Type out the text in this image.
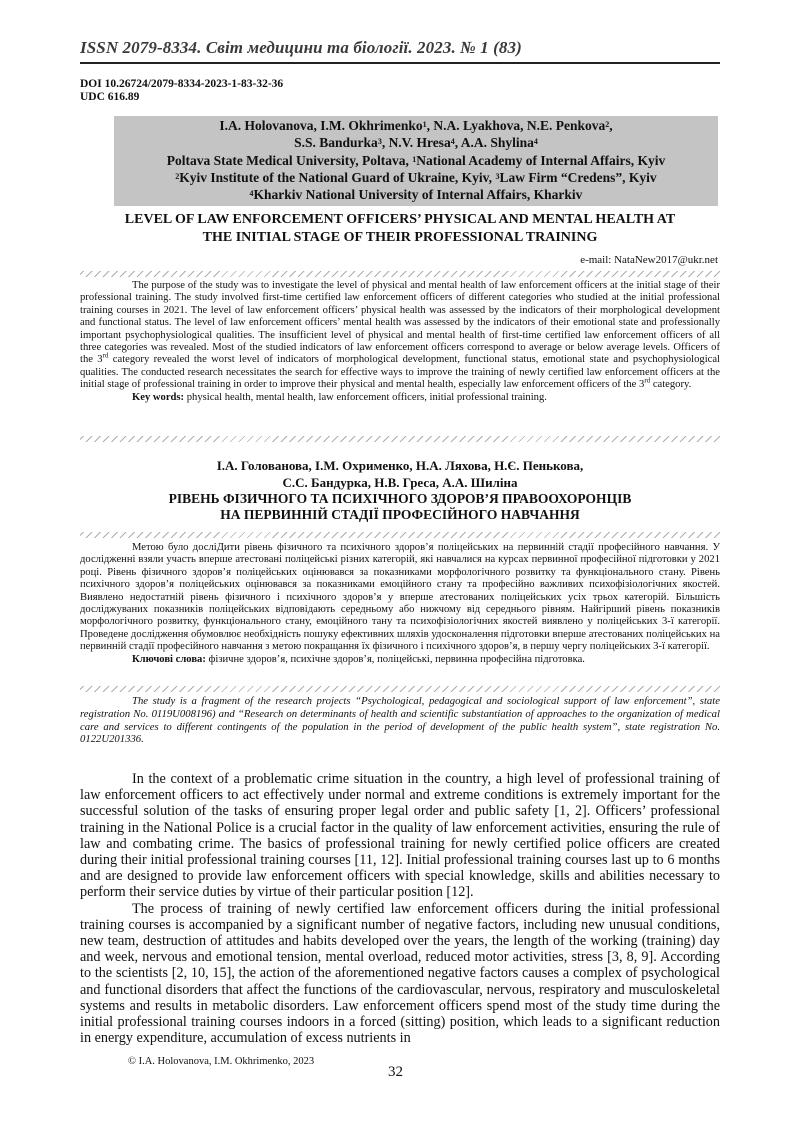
ISSN 2079-8334. Світ медицини та біології. 2023. № 1 (83)
DOI 10.26724/2079-8334-2023-1-83-32-36
UDC 616.89
I.A. Holovanova, I.M. Okhrimenko$^1$, N.A. Lyakhova, N.E. Penkova$^2$,
S.S. Bandurka$^3$, N.V. Hresa$^4$, A.A. Shylina$^4$
Poltava State Medical University, Poltava, $^1$National Academy of Internal Affairs, Kyiv
$^2$Kyiv Institute of the National Guard of Ukraine, Kyiv, $^3$Law Firm “Credens”, Kyiv
$^4$Kharkiv National University of Internal Affairs, Kharkiv
LEVEL OF LAW ENFORCEMENT OFFICERS’ PHYSICAL AND MENTAL HEALTH AT
THE INITIAL STAGE OF THEIR PROFESSIONAL TRAINING
e-mail: NataNew2017@ukr.net

The purpose of the study was to investigate the level of physical and mental health of law enforcement officers at the initial stage of their professional training. The study involved first-time certified law enforcement officers of different categories who studied at the initial professional training courses in 2021. The level of law enforcement officers’ physical health was assessed by the indicators of their morphological development and functional status. The level of law enforcement officers’ mental health was assessed by the indicators of their emotional state and professionally important psychophysiological qualities. The insufficient level of physical and mental health of first-time certified law enforcement officers of all three categories was revealed. Most of the studied indicators of law enforcement officers correspond to average or below average levels. Officers of the 3rd category revealed the worst level of indicators of morphological development, functional status, emotional state and psychophysiological qualities. The conducted research necessitates the search for effective ways to improve the training of newly certified law enforcement officers at the initial stage of professional training in order to improve their physical and mental health, especially law enforcement officers of the 3rd category.

Key words: physical health, mental health, law enforcement officers, initial professional training.

І.А. Голованова, І.М. Охрименко, Н.А. Ляхова, Н.Є. Пенькова,
С.С. Бандурка, Н.В. Греса, А.А. Шиліна
РІВЕНЬ ФІЗИЧНОГО ТА ПСИХІЧНОГО ЗДОРОВ’Я ПРАВООХОРОНЦІВ
НА ПЕРВИННІЙ СТАДІЇ ПРОФЕСІЙНОГО НАВЧАННЯ

Метою було досліДити рівень фізичного та психічного здоров’я поліцейських на первинній стадії професійного навчання. У дослідженні взяли участь вперше атестовані поліцейські різних категорій, які навчалися на курсах первинної професійної підготовки у 2021 році. Рівень фізичного здоров’я поліцейських оцінювався за показниками морфологічного розвитку та функціонального стану. Рівень психічного здоров’я поліцейських оцінювався за показниками емоційного стану та професійно важливих психофізіологічних якостей. Виявлено недостатній рівень фізичного і психічного здоров’я у вперше атестованих поліцейських усіх трьох категорій. Більшість досліджуваних показників поліцейських відповідають середньому або нижчому від середнього рівням. Найгірший рівень показників морфологічного розвитку, функціонального стану, емоційного тану та психофізіологічних якостей виявлено у поліцейських 3-ї категорії. Проведене дослідження обумовлює необхідність пошуку ефективних шляхів удосконалення підготовки вперше атестованих поліцейських на первинній стадії професійного навчання з метою покращання їх фізичного і психічного здоров’я, в першу чергу поліцейських 3-ї категорії.

Ключові слова: фізичне здоров’я, психічне здоров’я, поліцейські, первинна професійна підготовка.

The study is a fragment of the research projects “Psychological, pedagogical and sociological support of law enforcement”, state registration No. 0119U008196) and “Research on determinants of health and scientific substantiation of approaches to the organization of medical care and services to different contingents of the population in the period of development of the public health system”, state registration No. 0122U201336.

In the context of a problematic crime situation in the country, a high level of professional training of law enforcement officers to act effectively under normal and extreme conditions is extremely important for the successful solution of the tasks of ensuring proper legal order and public safety [1, 2]. Officers’ professional training in the National Police is a crucial factor in the quality of law enforcement activities, ensuring the rule of law and combating crime. The basics of professional training for newly certified police officers are created during their initial professional training courses [11, 12]. Initial professional training courses last up to 6 months and are designed to provide law enforcement officers with special knowledge, skills and abilities necessary to perform their service duties by virtue of their particular position [12].

The process of training of newly certified law enforcement officers during the initial professional training courses is accompanied by a significant number of negative factors, including new unusual conditions, new team, destruction of attitudes and habits developed over the years, the length of the working (training) day and week, nervous and emotional tension, mental overload, reduced motor activities, stress [3, 8, 9]. According to the scientists [2, 10, 15], the action of the aforementioned negative factors causes a complex of psychological and functional disorders that affect the functions of the cardiovascular, nervous, respiratory and musculoskeletal systems and results in metabolic disorders. Law enforcement officers spend most of the study time during the initial professional training courses indoors in a forced (sitting) position, which leads to a significant reduction in energy expenditure, accumulation of excess nutrients in

© I.A. Holovanova, I.M. Okhrimenko, 2023
32
